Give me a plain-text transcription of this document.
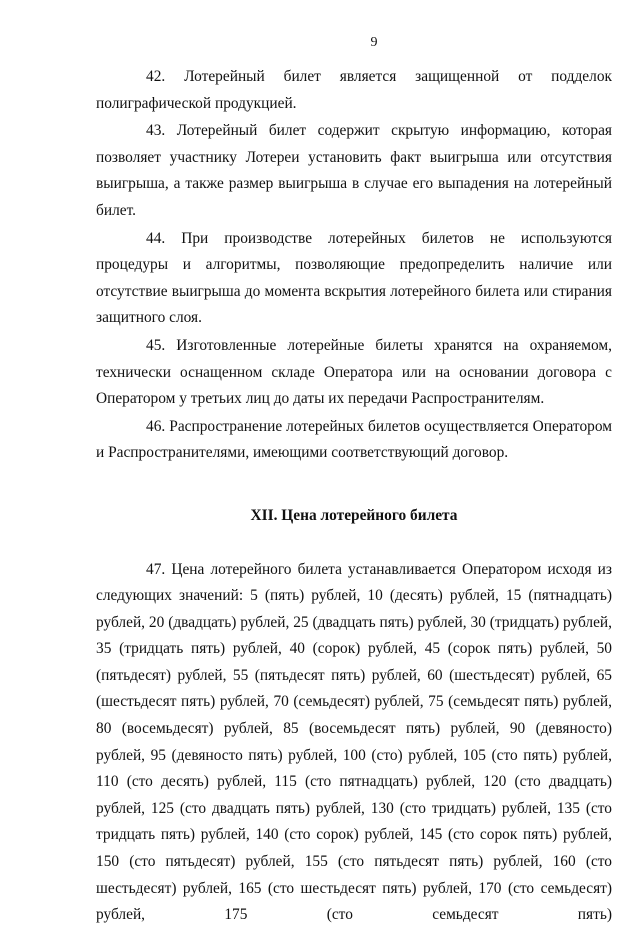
9

42. Лотерейный билет является защищенной от подделок полиграфической продукцией.

43. Лотерейный билет содержит скрытую информацию, которая позволяет участнику Лотереи установить факт выигрыша или отсутствия выигрыша, а также размер выигрыша в случае его выпадения на лотерейный билет.

44. При производстве лотерейных билетов не используются процедуры и алгоритмы, позволяющие предопределить наличие или отсутствие выигрыша до момента вскрытия лотерейного билета или стирания защитного слоя.

45. Изготовленные лотерейные билеты хранятся на охраняемом, технически оснащенном складе Оператора или на основании договора с Оператором у третьих лиц до даты их передачи Распространителям.

46. Распространение лотерейных билетов осуществляется Оператором и Распространителями, имеющими соответствующий договор.

XII. Цена лотерейного билета

47. Цена лотерейного билета устанавливается Оператором исходя из следующих значений: 5 (пять) рублей, 10 (десять) рублей, 15 (пятнадцать) рублей, 20 (двадцать) рублей, 25 (двадцать пять) рублей, 30 (тридцать) рублей, 35 (тридцать пять) рублей, 40 (сорок) рублей, 45 (сорок пять) рублей, 50 (пятьдесят) рублей, 55 (пятьдесят пять) рублей, 60 (шестьдесят) рублей, 65 (шестьдесят пять) рублей, 70 (семьдесят) рублей, 75 (семьдесят пять) рублей, 80 (восемьдесят) рублей, 85 (восемьдесят пять) рублей, 90 (девяносто) рублей, 95 (девяносто пять) рублей, 100 (сто) рублей, 105 (сто пять) рублей, 110 (сто десять) рублей, 115 (сто пятнадцать) рублей, 120 (сто двадцать) рублей, 125 (сто двадцать пять) рублей, 130 (сто тридцать) рублей, 135 (сто тридцать пять) рублей, 140 (сто сорок) рублей, 145 (сто сорок пять) рублей, 150 (сто пятьдесят) рублей, 155 (сто пятьдесят пять) рублей, 160 (сто шестьдесят) рублей, 165 (сто шестьдесят пять) рублей, 170 (сто семьдесят) рублей, 175 (сто семьдесят пять)
